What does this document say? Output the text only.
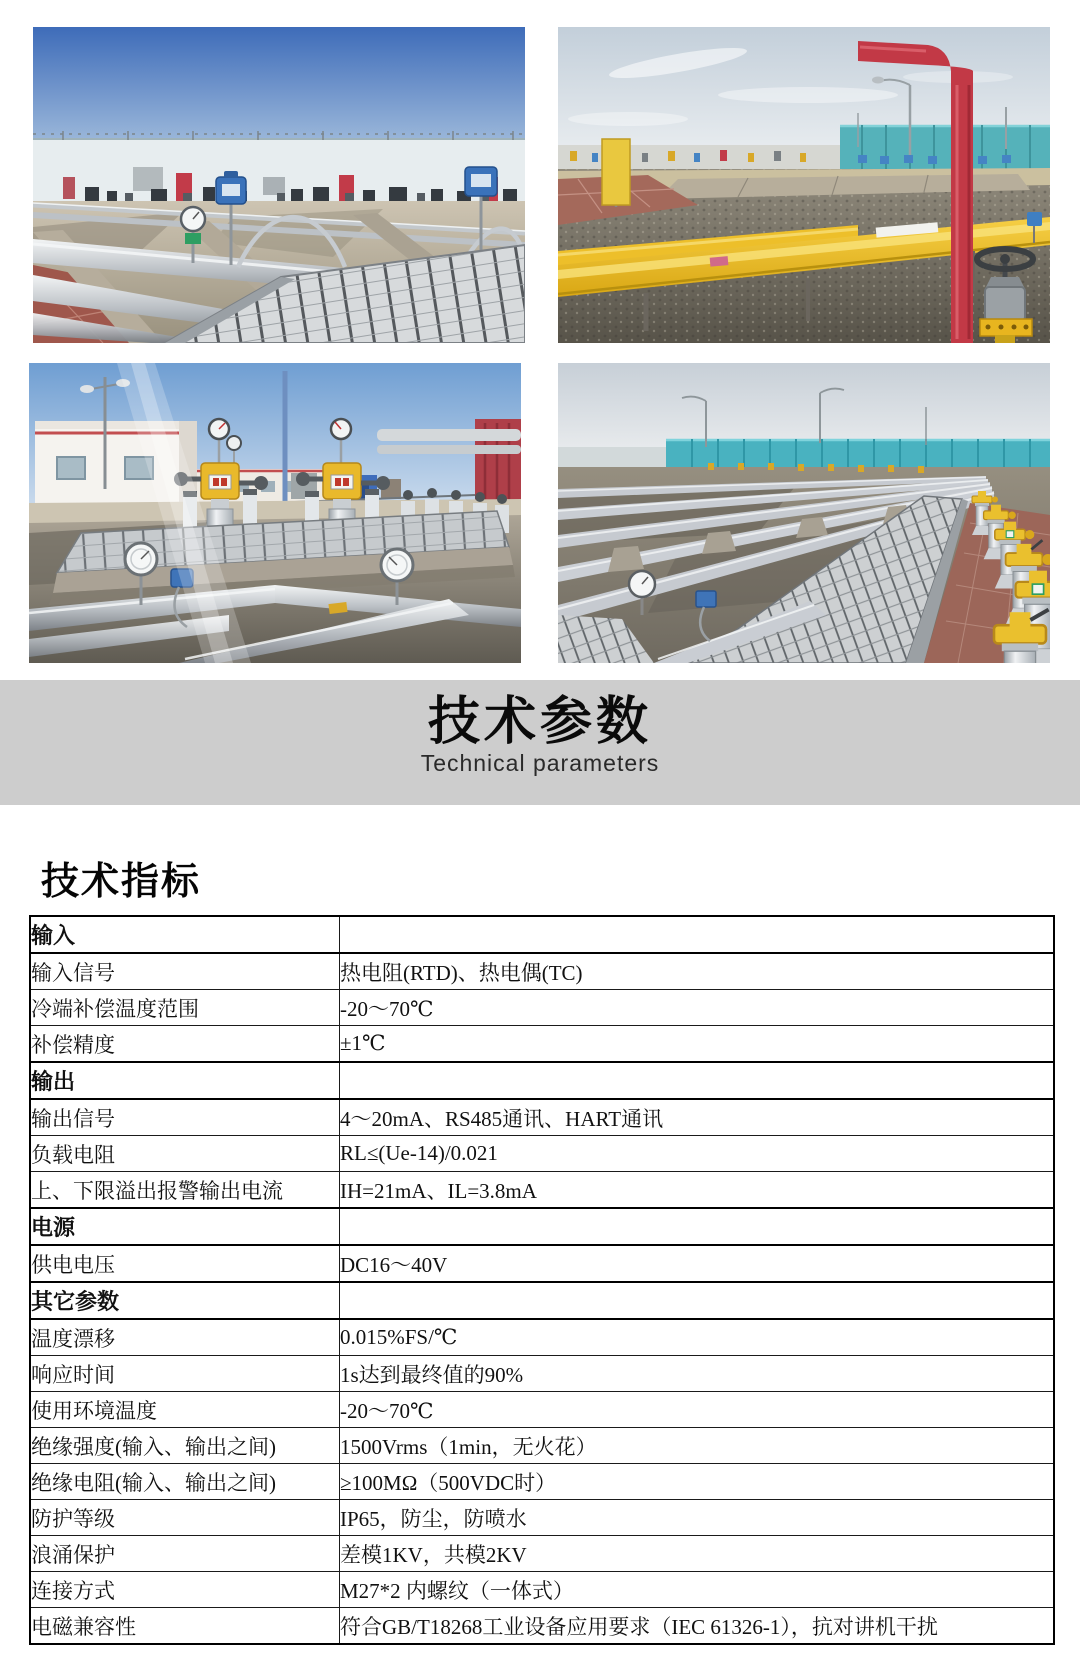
技术参数
Technical parameters
技术指标
输入	
输入信号	热电阻(RTD)、热电偶(TC)
冷端补偿温度范围	-20～70℃
补偿精度	±1℃
输出	
输出信号	4～20mA、RS485通讯、HART通讯
负载电阻	RL≤(Ue-14)/0.021
上、下限溢出报警输出电流	IH=21mA、IL=3.8mA
电源	
供电电压	DC16～40V
其它参数	
温度漂移	0.015%FS/℃
响应时间	1s达到最终值的90%
使用环境温度	-20～70℃
绝缘强度(输入、输出之间)	1500Vrms（1min，无火花）
绝缘电阻(输入、输出之间)	≥100MΩ（500VDC时）
防护等级	IP65，防尘，防喷水
浪涌保护	差模1KV，共模2KV
连接方式	M27*2 内螺纹（一体式）
电磁兼容性	符合GB/T18268工业设备应用要求（IEC 61326-1），抗对讲机干扰
